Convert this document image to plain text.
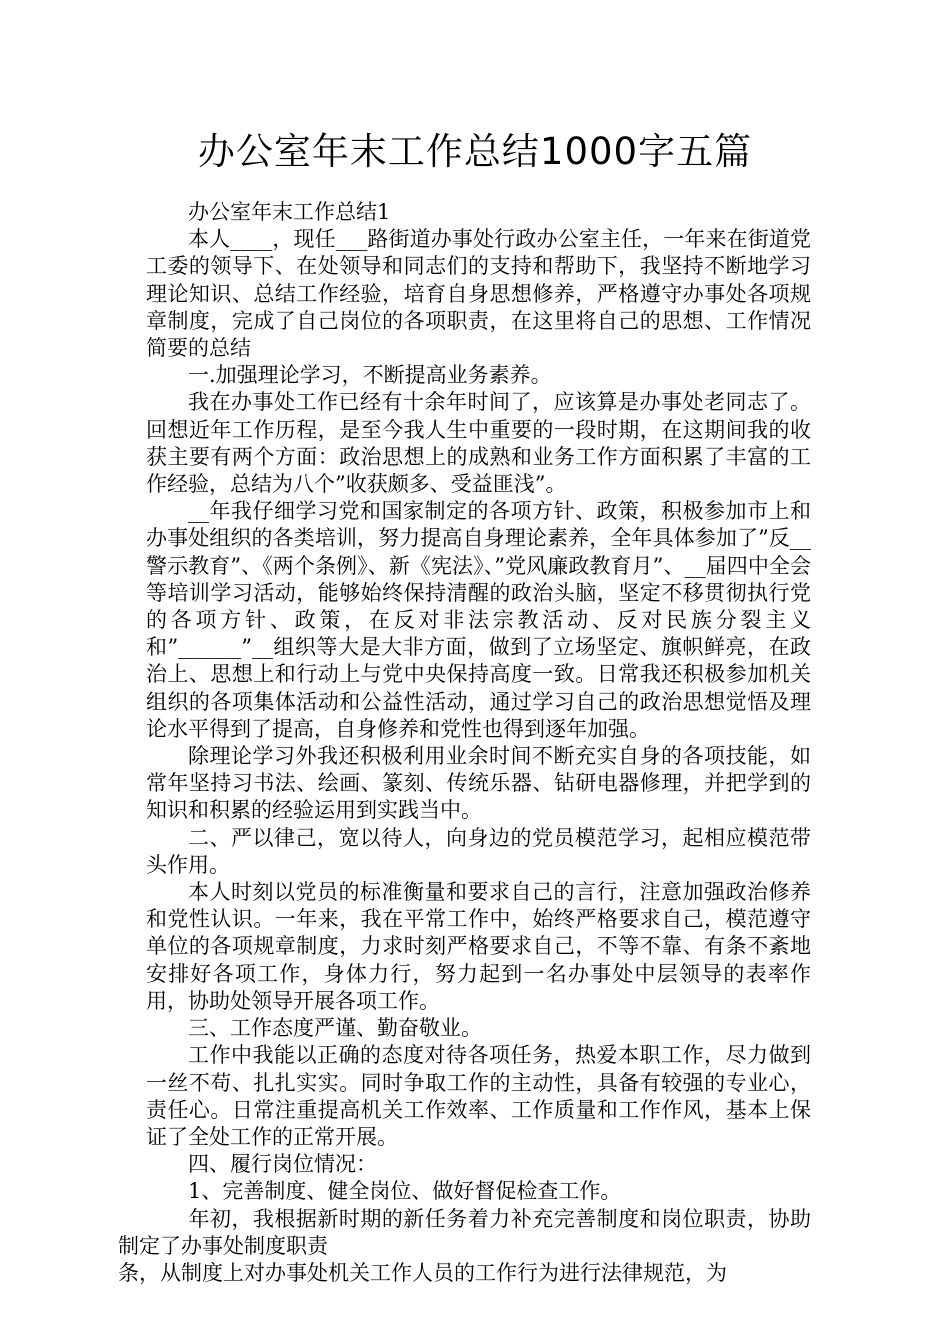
办公室年末工作总结1000字五篇

办公室年末工作总结1

本人____，现任___路街道办事处行政办公室主任，一年来在街道党工委的领导下、在处领导和同志们的支持和帮助下，我坚持不断地学习理论知识、总结工作经验，培育自身思想修养，严格遵守办事处各项规章制度，完成了自己岗位的各项职责，在这里将自己的思想、工作情况简要的总结

一.加强理论学习，不断提高业务素养。

我在办事处工作已经有十余年时间了，应该算是办事处老同志了。回想近年工作历程，是至今我人生中重要的一段时期，在这期间我的收获主要有两个方面：政治思想上的成熟和业务工作方面积累了丰富的工作经验，总结为八个”收获颇多、受益匪浅”。

__年我仔细学习党和国家制定的各项方针、政策，积极参加市上和办事处组织的各类培训，努力提高自身理论素养，全年具体参加了”反__警示教育”、《两个条例》、新《宪法》、”党风廉政教育月”、__届四中全会等培训学习活动，能够始终保持清醒的政治头脑，坚定不移贯彻执行党的各项方针、政策，在反对非法宗教活动、反对民族分裂主义和”______”__组织等大是大非方面，做到了立场坚定、旗帜鲜亮，在政治上、思想上和行动上与党中央保持高度一致。日常我还积极参加机关组织的各项集体活动和公益性活动，通过学习自己的政治思想觉悟及理论水平得到了提高，自身修养和党性也得到逐年加强。

除理论学习外我还积极利用业余时间不断充实自身的各项技能，如常年坚持习书法、绘画、篆刻、传统乐器、钻研电器修理，并把学到的知识和积累的经验运用到实践当中。

二、严以律己，宽以待人，向身边的党员模范学习，起相应模范带头作用。

本人时刻以党员的标准衡量和要求自己的言行，注意加强政治修养和党性认识。一年来，我在平常工作中，始终严格要求自己，模范遵守单位的各项规章制度，力求时刻严格要求自己，不等不靠、有条不紊地安排好各项工作，身体力行，努力起到一名办事处中层领导的表率作用，协助处领导开展各项工作。

三、工作态度严谨、勤奋敬业。

工作中我能以正确的态度对待各项任务，热爱本职工作，尽力做到一丝不苟、扎扎实实。同时争取工作的主动性，具备有较强的专业心，责任心。日常注重提高机关工作效率、工作质量和工作作风，基本上保证了全处工作的正常开展。

四、履行岗位情况：

1、完善制度、健全岗位、做好督促检查工作。

年初，我根据新时期的新任务着力补充完善制度和岗位职责，协助制定了办事处制度职责

条，从制度上对办事处机关工作人员的工作行为进行法律规范，为
